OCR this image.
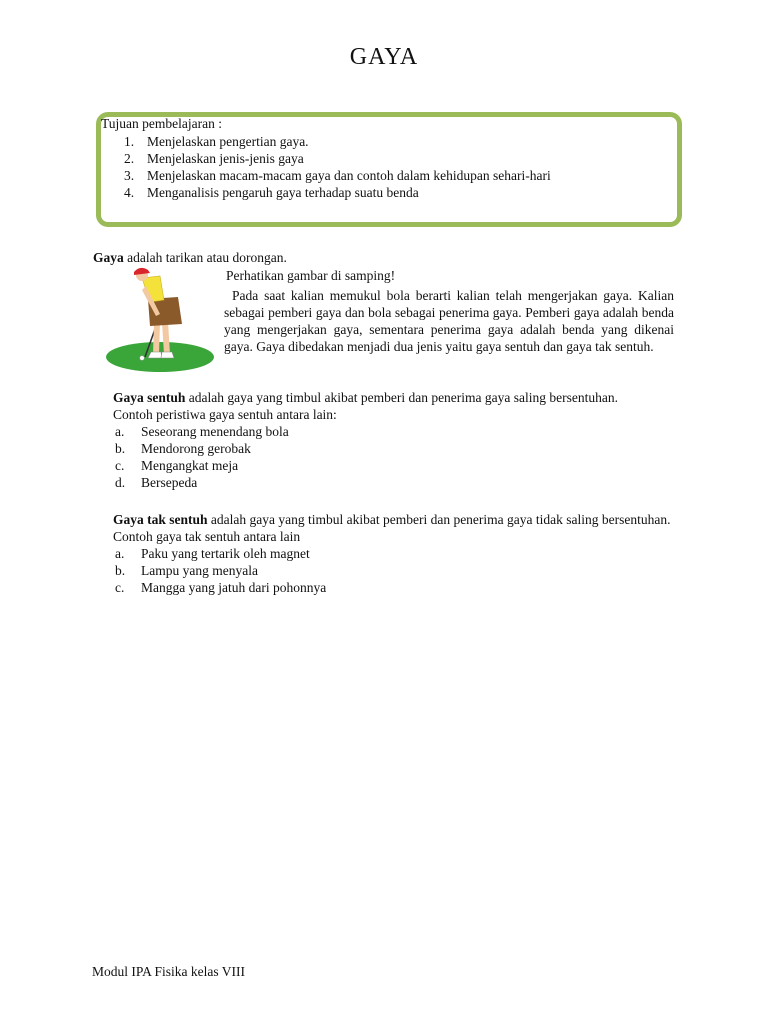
GAYA
Tujuan pembelajaran :
1. Menjelaskan pengertian gaya.
2. Menjelaskan jenis-jenis gaya
3. Menjelaskan macam-macam gaya dan contoh dalam kehidupan sehari-hari
4. Menganalisis pengaruh gaya terhadap suatu benda
Gaya adalah tarikan atau dorongan.
Perhatikan gambar di samping!

Pada saat kalian memukul bola berarti kalian telah mengerjakan gaya. Kalian sebagai pemberi gaya dan bola sebagai penerima gaya. Pemberi gaya adalah benda yang mengerjakan gaya, sementara penerima gaya adalah benda yang dikenai gaya. Gaya dibedakan menjadi dua jenis yaitu gaya sentuh dan gaya tak sentuh.

Gaya sentuh adalah gaya yang timbul akibat pemberi dan penerima gaya saling bersentuhan.
Contoh peristiwa gaya sentuh antara lain:
a. Seseorang menendang bola
b. Mendorong gerobak
c. Mengangkat meja
d. Bersepeda
Gaya tak sentuh adalah gaya yang timbul akibat pemberi dan penerima gaya tidak saling bersentuhan.
Contoh gaya tak sentuh antara lain
a. Paku yang tertarik oleh magnet
b. Lampu yang menyala
c. Mangga yang jatuh dari pohonnya
Modul IPA Fisika kelas VIII
